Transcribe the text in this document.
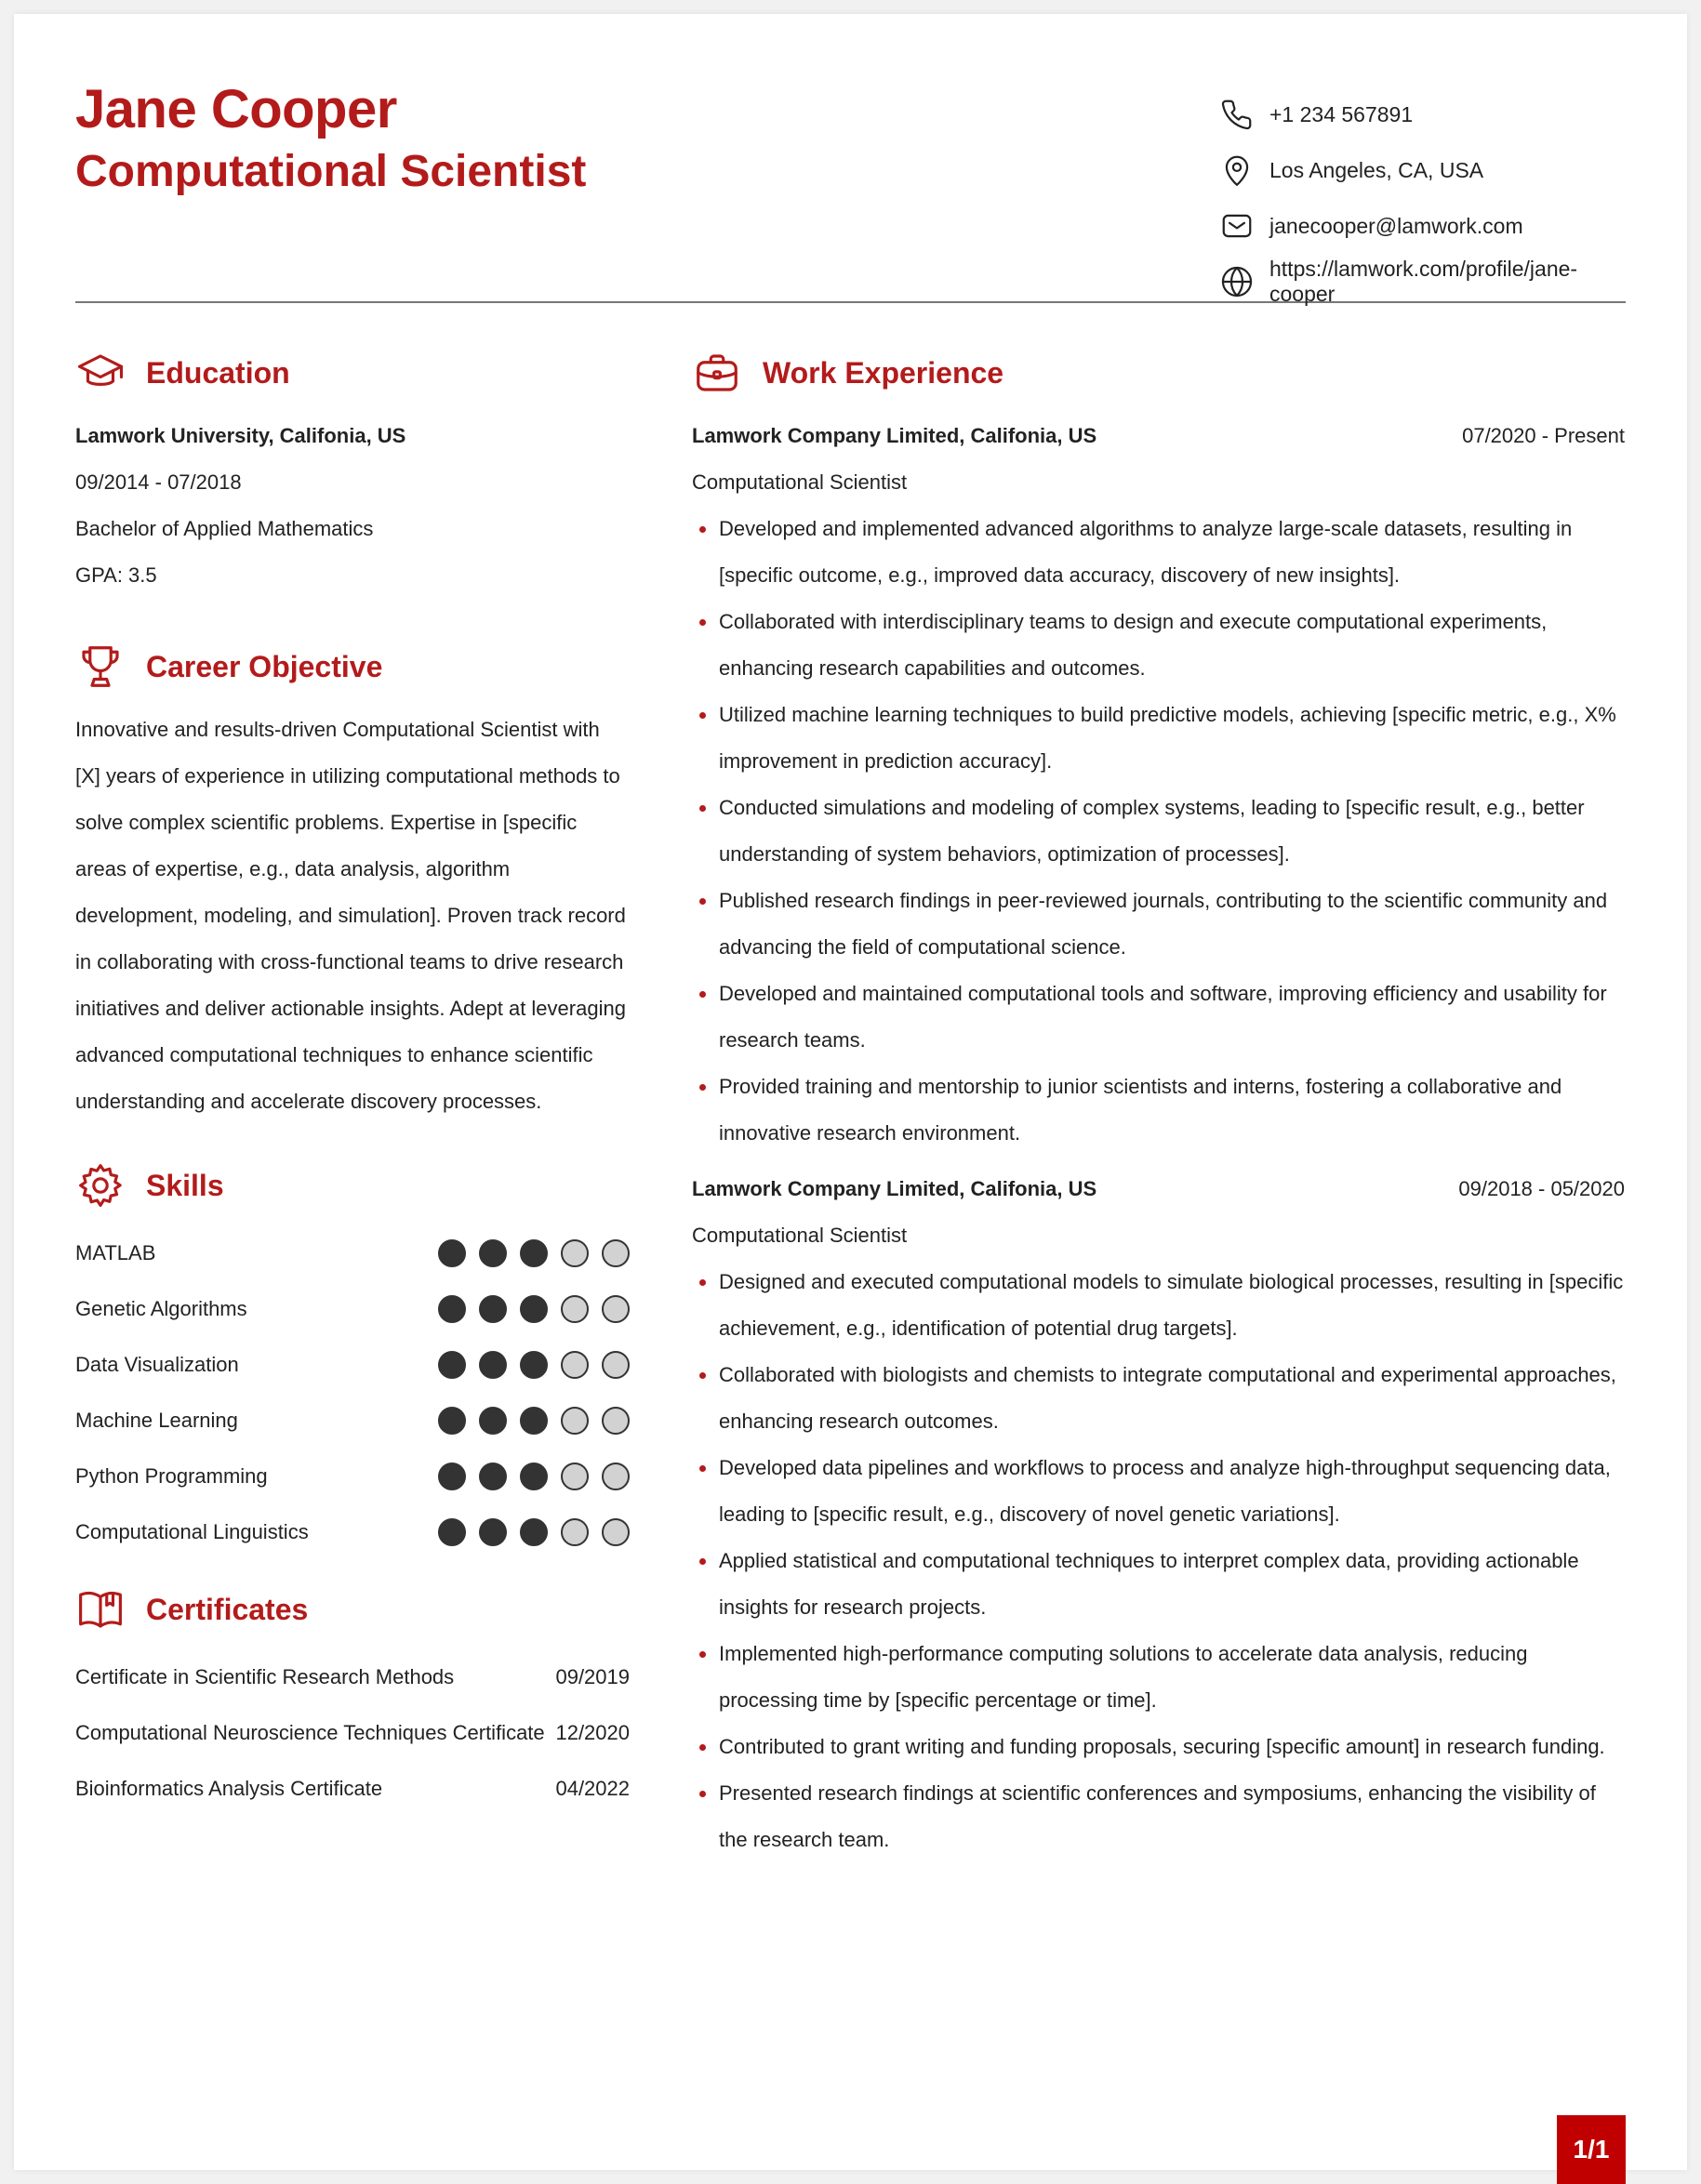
Jane Cooper
Computational Scientist
+1 234 567891
Los Angeles, CA, USA
janecooper@lamwork.com
https://lamwork.com/profile/jane-cooper
Education
Lamwork University, Califonia, US
09/2014 - 07/2018
Bachelor of Applied Mathematics
GPA: 3.5
Career Objective

Innovative and results-driven Computational Scientist with [X] years of experience in utilizing computational methods to solve complex scientific problems. Expertise in [specific areas of expertise, e.g., data analysis, algorithm development, modeling, and simulation]. Proven track record in collaborating with cross-functional teams to drive research initiatives and deliver actionable insights. Adept at leveraging advanced computational techniques to enhance scientific understanding and accelerate discovery processes.

Skills
MATLAB
Genetic Algorithms
Data Visualization
Machine Learning
Python Programming
Computational Linguistics
Certificates
Certificate in Scientific Research Methods	09/2019
Computational Neuroscience Techniques Certificate 12/2020
Bioinformatics Analysis Certificate	04/2022
Work Experience
Lamwork Company Limited, Califonia, US	07/2020 - Present
Computational Scientist
Developed and implemented advanced algorithms to analyze large-scale datasets, resulting in [specific outcome, e.g., improved data accuracy, discovery of new insights].
Collaborated with interdisciplinary teams to design and execute computational experiments, enhancing research capabilities and outcomes.
Utilized machine learning techniques to build predictive models, achieving [specific metric, e.g., X% improvement in prediction accuracy].
Conducted simulations and modeling of complex systems, leading to [specific result, e.g., better understanding of system behaviors, optimization of processes].
Published research findings in peer-reviewed journals, contributing to the scientific community and advancing the field of computational science.
Developed and maintained computational tools and software, improving efficiency and usability for research teams.
Provided training and mentorship to junior scientists and interns, fostering a collaborative and innovative research environment.
Lamwork Company Limited, Califonia, US	09/2018 - 05/2020
Computational Scientist
Designed and executed computational models to simulate biological processes, resulting in [specific achievement, e.g., identification of potential drug targets].
Collaborated with biologists and chemists to integrate computational and experimental approaches, enhancing research outcomes.
Developed data pipelines and workflows to process and analyze high-throughput sequencing data, leading to [specific result, e.g., discovery of novel genetic variations].
Applied statistical and computational techniques to interpret complex data, providing actionable insights for research projects.
Implemented high-performance computing solutions to accelerate data analysis, reducing processing time by [specific percentage or time].
Contributed to grant writing and funding proposals, securing [specific amount] in research funding.
Presented research findings at scientific conferences and symposiums, enhancing the visibility of the research team.
1/1
